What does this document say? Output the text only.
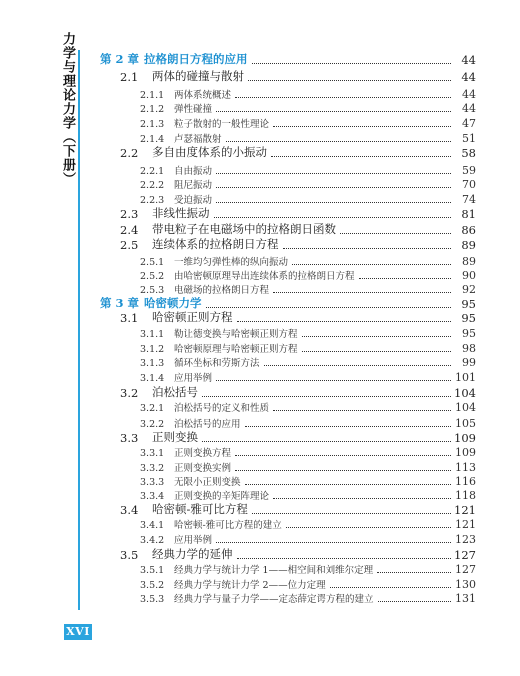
力学与理论力学（下册）
XVI
第 2 章 拉格朗日方程的应用	44
2.1	两体的碰撞与散射	44
2.1.1	两体系统概述	44
2.1.2	弹性碰撞	44
2.1.3	粒子散射的一般性理论	47
2.1.4	卢瑟福散射	51
2.2	多自由度体系的小振动	58
2.2.1	自由振动	59
2.2.2	阻尼振动	70
2.2.3	受迫振动	74
2.3	非线性振动	81
2.4	带电粒子在电磁场中的拉格朗日函数	86
2.5	连续体系的拉格朗日方程	89
2.5.1	一维均匀弹性棒的纵向振动	89
2.5.2	由哈密顿原理导出连续体系的拉格朗日方程	90
2.5.3	电磁场的拉格朗日方程	92
第 3 章 哈密顿力学	95
3.1	哈密顿正则方程	95
3.1.1	勒让德变换与哈密顿正则方程	95
3.1.2	哈密顿原理与哈密顿正则方程	98
3.1.3	循环坐标和劳斯方法	99
3.1.4	应用举例	101
3.2	泊松括号	104
3.2.1	泊松括号的定义和性质	104
3.2.2	泊松括号的应用	105
3.3	正则变换	109
3.3.1	正则变换方程	109
3.3.2	正则变换实例	113
3.3.3	无限小正则变换	116
3.3.4	正则变换的辛矩阵理论	118
3.4	哈密顿-雅可比方程	121
3.4.1	哈密顿-雅可比方程的建立	121
3.4.2	应用举例	123
3.5	经典力学的延伸	127
3.5.1	经典力学与统计力学 1——相空间和刘维尔定理	127
3.5.2	经典力学与统计力学 2——位力定理	130
3.5.3	经典力学与量子力学——定态薛定谔方程的建立	131
